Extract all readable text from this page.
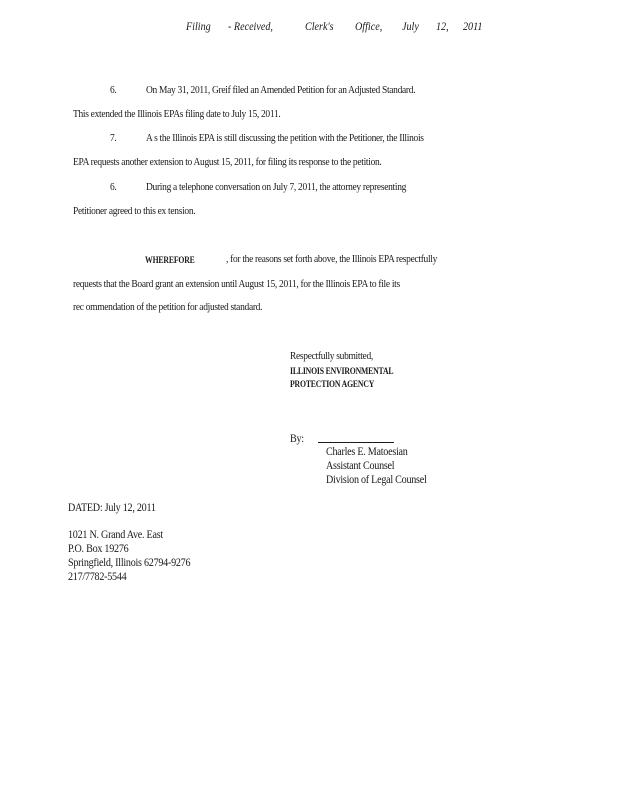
Filing - Received,	Clerk's Office, July 12, 2011
6.	On May 31, 2011, Greif filed an Amended Petition for an Adjusted Standard.
This extended the Illinois EPAs filing date to July 15, 2011.
7.	A s the Illinois EPA is still discussing the petition with the Petitioner, the Illinois
EPA requests another extension to August 15, 2011, for filing its response to the petition.
6.	During a telephone conversation on July 7, 2011, the attorney representing
Petitioner agreed to this ex tension.
WHEREFORE	, for the reasons set forth above, the Illinois EPA respectfully
requests that the Board grant an extension until August 15, 2011, for the Illinois EPA to file its
rec ommendation of the petition for adjusted standard.
Respectfully submitted,
ILLINOIS ENVIRONMENTAL
PROTECTION AGENCY
By:
Charles E. Matoesian
Assistant Counsel
Division of Legal Counsel
DATED: July 12, 2011
1021 N. Grand Ave. East
P.O. Box 19276
Springfield, Illinois 62794-9276
217/7782-5544
